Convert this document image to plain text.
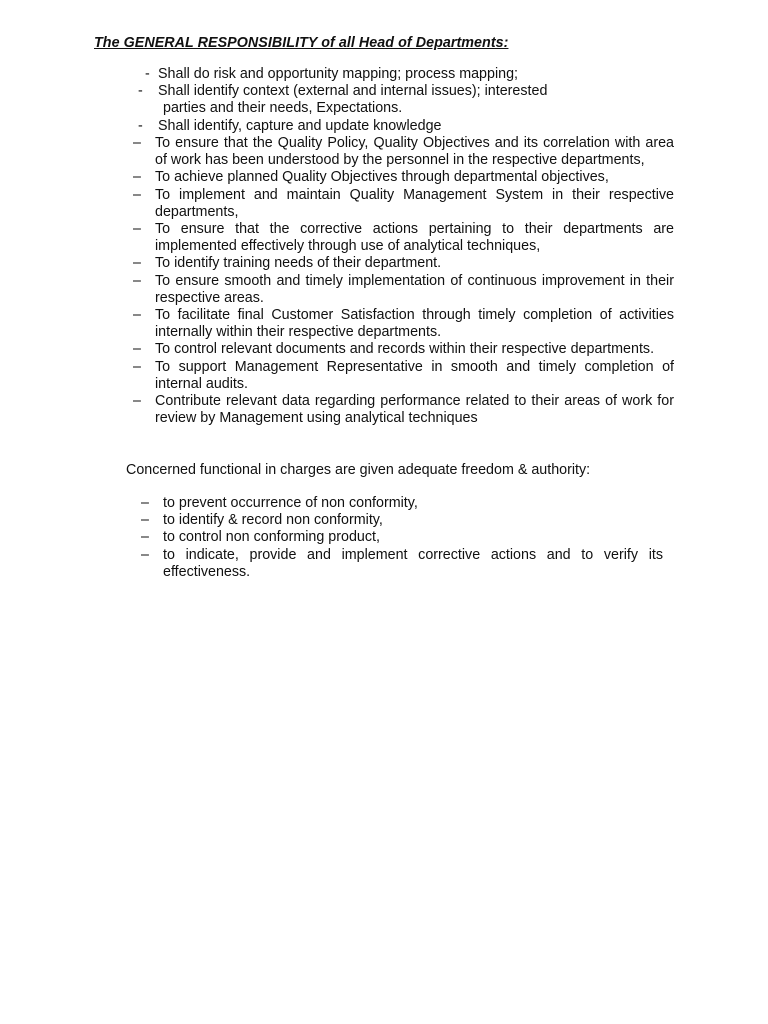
The GENERAL RESPONSIBILITY of all Head of Departments:
- Shall do risk and opportunity mapping; process mapping;
- Shall identify context (external and internal issues); interested
parties and their needs, Expectations.
- Shall identify, capture and update knowledge
– To ensure that the Quality Policy, Quality Objectives and its correlation with area of work has been understood by the personnel in the respective departments,
– To achieve planned Quality Objectives through departmental objectives,
– To implement and maintain Quality Management System in their respective departments,
– To ensure that the corrective actions pertaining to their departments are implemented effectively through use of analytical techniques,
– To identify training needs of their department.
– To ensure smooth and timely implementation of continuous improvement in their respective areas.
– To facilitate final Customer Satisfaction through timely completion of activities internally within their respective departments.
– To control relevant documents and records within their respective departments.
– To support Management Representative in smooth and timely completion of internal audits.
– Contribute relevant data regarding performance related to their areas of work for review by Management using analytical techniques
Concerned functional in charges are given adequate freedom & authority:
– to prevent occurrence of non conformity,
– to identify & record non conformity,
– to control non conforming product,
– to indicate, provide and implement corrective actions and to verify its effectiveness.
